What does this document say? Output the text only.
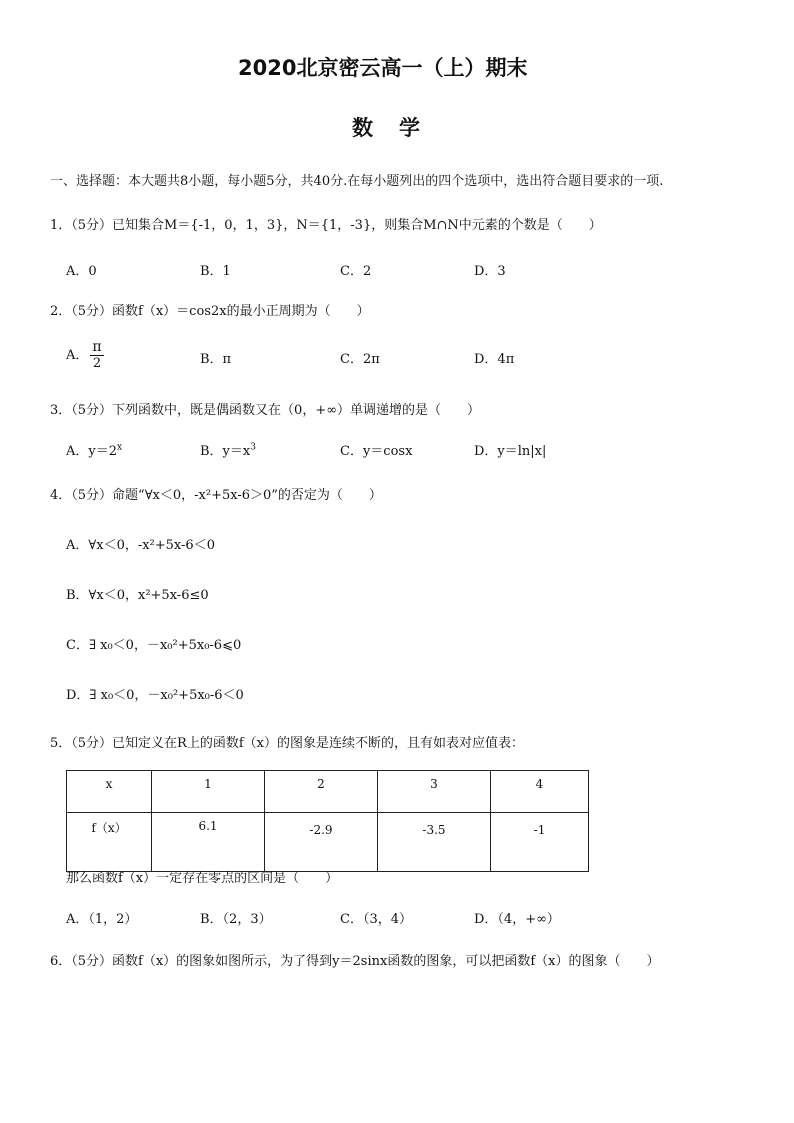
2020北京密云高一（上）期末
数学
一、选择题：本大题共8小题，每小题5分，共40分.在每小题列出的四个选项中，选出符合题目要求的一项.
1．（5分）已知集合M＝{-1，0，1，3}，N＝{1，-3}，则集合M∩N中元素的个数是（　　）
A．0	B．1	C．2	D．3
2．（5分）函数f（x）＝cos2x的最小正周期为（　　）
A． $\frac{\pi}{2}$	B．π	C．2π	D．4π
3．（5分）下列函数中，既是偶函数又在（0，+∞）单调递增的是（　　）
A．$y=2^x$	B．$y=x^3$	C．y＝cosx	D．y＝ln|x|
4．（5分）命题“∀x＜0，-x²+5x-6＞0”的否定为（　　）
A．∀x＜0，-x²+5x-6＜0
B．∀x＜0，x²+5x-6≤0
C．∃ x₀＜0，－x₀²+5x₀-6⩽0
D．∃ x₀＜0，－x₀²+5x₀-6＜0
5．（5分）已知定义在R上的函数f（x）的图象是连续不断的，且有如表对应值表：
x	1	2	3	4
f（x）	6.1	-2.9	-3.5	-1
那么函数f（x）一定存在零点的区间是（　　）
A．（1，2）	B．（2，3）	C．（3，4）	D．（4，+∞）
6．（5分）函数f（x）的图象如图所示，为了得到y＝2sinx函数的图象，可以把函数f（x）的图象（　　）
